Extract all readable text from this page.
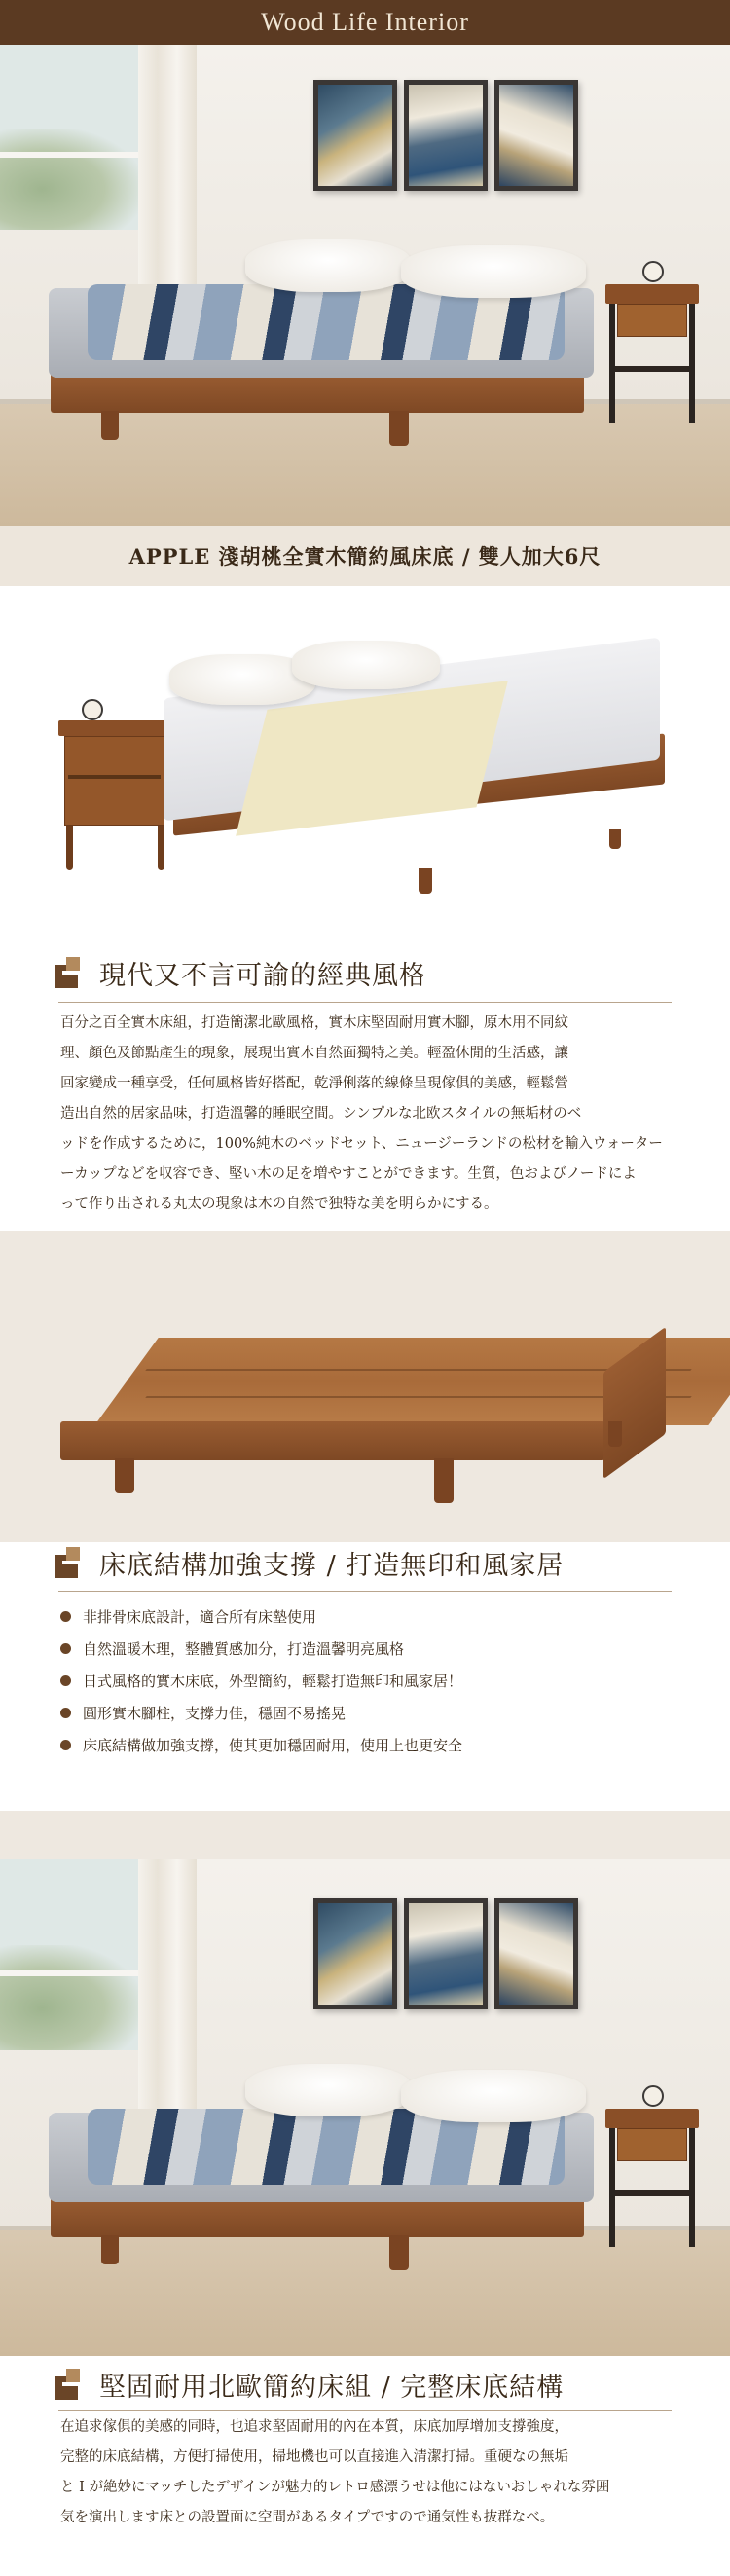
Wood Life Interior
APPLE 淺胡桃全實木簡約風床底 / 雙人加大6尺
現代又不言可諭的經典風格

百分之百全實木床組，打造簡潔北歐風格，實木床堅固耐用實木腳，原木用不同紋

理、顏色及節點產生的現象，展現出實木自然面獨特之美。輕盈休閒的生活感，讓

回家變成一種享受，任何風格皆好搭配，乾淨俐落的線條呈現傢俱的美感，輕鬆營

造出自然的居家品味，打造溫馨的睡眠空間。シンプルな北欧スタイルの無垢材のベ

ッドを作成するために，100%純木のベッドセット、ニュージーランドの松材を輸入ウォーター

ーカップなどを収容でき、堅い木の足を増やすことができます。生質，色およびノードによ

って作り出される丸太の現象は木の自然で独特な美を明らかにする。

床底結構加強支撐 / 打造無印和風家居
非排骨床底設計，適合所有床墊使用
自然溫暖木理，整體質感加分，打造溫馨明亮風格
日式風格的實木床底，外型簡約，輕鬆打造無印和風家居！
圓形實木腳柱，支撐力佳，穩固不易搖晃
床底結構做加強支撐，使其更加穩固耐用，使用上也更安全
堅固耐用北歐簡約床組 / 完整床底結構

在追求傢俱的美感的同時，也追求堅固耐用的內在本質，床底加厚增加支撐強度，

完整的床底結構，方便打掃使用，掃地機也可以直接進入清潔打掃。重硬なの無垢

と I が絶妙にマッチしたデザインが魅力的レトロ感漂うせは他にはないおしゃれな雰囲

気を演出します床との設置面に空間があるタイプですので通気性も抜群なべ。
